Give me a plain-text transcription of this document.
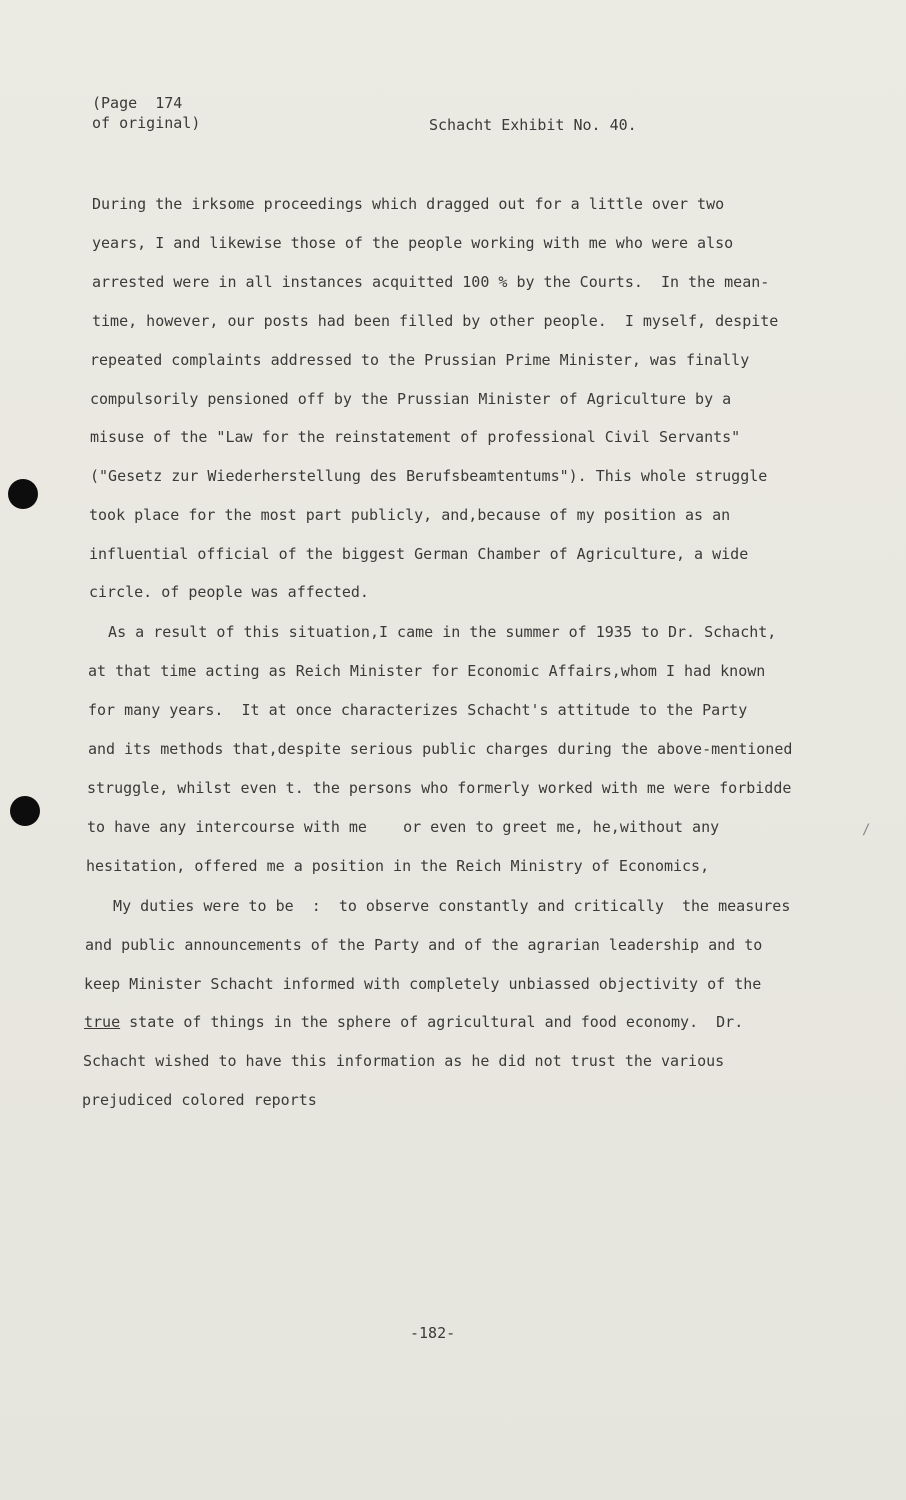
(Page  174
of original)	Schacht Exhibit No. 40.
During the irksome proceedings which dragged out for a little over two
years, I and likewise those of the people working with me who were also
arrested were in all instances acquitted 100 % by the Courts.  In the mean-
time, however, our posts had been filled by other people.  I myself, despite
repeated complaints addressed to the Prussian Prime Minister, was finally
compulsorily pensioned off by the Prussian Minister of Agriculture by a
misuse of the "Law for the reinstatement of professional Civil Servants"
("Gesetz zur Wiederherstellung des Berufsbeamtentums"). This whole struggle
took place for the most part publicly, and,because of my position as an
influential official of the biggest German Chamber of Agriculture, a wide
circle. of people was affected.
As a result of this situation,I came in the summer of 1935 to Dr. Schacht,
at that time acting as Reich Minister for Economic Affairs,whom I had known
for many years.  It at once characterizes Schacht's attitude to the Party
and its methods that,despite serious public charges during the above-mentioned
struggle, whilst even t. the persons who formerly worked with me were forbidde
to have any intercourse with me    or even to greet me, he,without any
hesitation, offered me a position in the Reich Ministry of Economics,
My duties were to be  :  to observe constantly and critically  the measures
and public announcements of the Party and of the agrarian leadership and to
keep Minister Schacht informed with completely unbiassed objectivity of the
true state of things in the sphere of agricultural and food economy.  Dr.
Schacht wished to have this information as he did not trust the various
prejudiced colored reports
/
-182-
